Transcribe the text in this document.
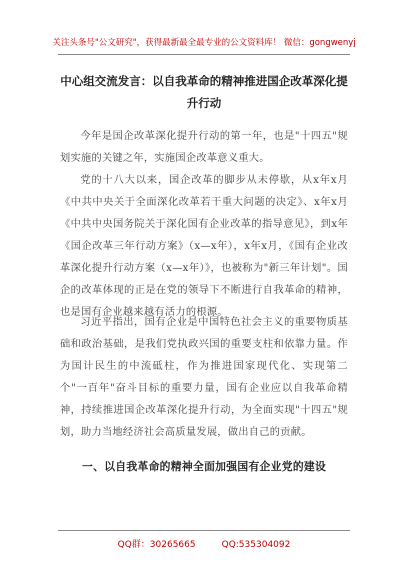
关注头条号"公文研究"，获得最新最全最专业的公文资料库！ 微信：gongwenyj
中心组交流发言：以自我革命的精神推进国企改革深化提升行动

今年是国企改革深化提升行动的第一年，也是"十四五"规划实施的关键之年，实施国企改革意义重大。

党的十八大以来，国企改革的脚步从未停歇，从x年x月《中共中央关于全面深化改革若干重大问题的决定》、x年x月《中共中央国务院关于深化国有企业改革的指导意见》，到x年《国企改革三年行动方案》（x—x年），x年x月，《国有企业改革深化提升行动方案（x—x年）》，也被称为"新三年计划"。国企的改革体现的正是在党的领导下不断进行自我革命的精神，也是国有企业越来越有活力的根源。

习近平指出，国有企业是中国特色社会主义的重要物质基础和政治基础，是我们党执政兴国的重要支柱和依靠力量。作为国计民生的中流砥柱，作为推进国家现代化、实现第二个"一百年"奋斗目标的重要力量，国有企业应以自我革命精神，持续推进国企改革深化提升行动，为全面实现"十四五"规划，助力当地经济社会高质量发展，做出自己的贡献。

一、以自我革命的精神全面加强国有企业党的建设
QQ群：30265665	QQ:535304092
